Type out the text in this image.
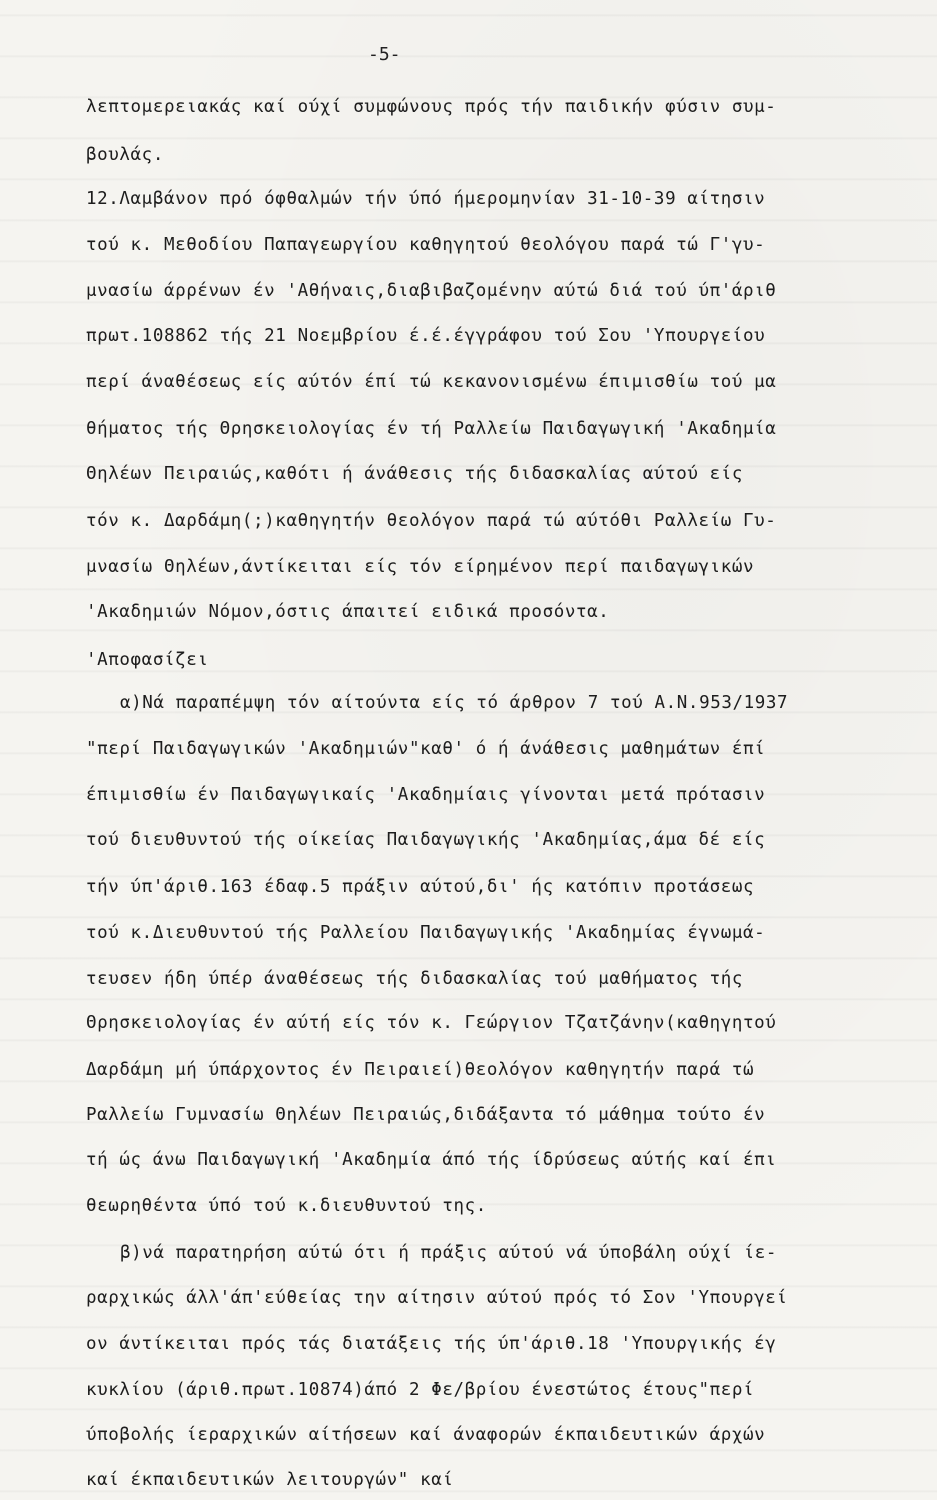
-5-
λεπτομερειακάς καί ούχί συμφώνους πρός τήν παιδικήν φύσιν συμ-
βουλάς.
12.Λαμβάνον πρό όφθαλμών τήν ύπό ήμερομηνίαν 31-10-39 αίτησιν
τού κ. Μεθοδίου Παπαγεωργίου καθηγητού θεολόγου παρά τώ Γ'γυ-
μνασίω άρρένων έν 'Αθήναις,διαβιβαζομένην αύτώ διά τού ύπ'άριθ
πρωτ.108862 τής 21 Νοεμβρίου έ.έ.έγγράφου τού Σου 'Υπουργείου
περί άναθέσεως είς αύτόν έπί τώ κεκανονισμένω έπιμισθίω τού μα
θήματος τής Θρησκειολογίας έν τή Ραλλείω Παιδαγωγική 'Ακαδημία
Θηλέων Πειραιώς,καθότι ή άνάθεσις τής διδασκαλίας αύτού είς
τόν κ. Δαρδάμη(;)καθηγητήν θεολόγον παρά τώ αύτόθι Ραλλείω Γυ-
μνασίω Θηλέων,άντίκειται είς τόν είρημένον περί παιδαγωγικών
'Ακαδημιών Νόμον,όστις άπαιτεί ειδικά προσόντα.
'Αποφασίζει
α)Νά παραπέμψη τόν αίτούντα είς τό άρθρον 7 τού Α.Ν.953/1937
"περί Παιδαγωγικών 'Ακαδημιών"καθ' ό ή άνάθεσις μαθημάτων έπί
έπιμισθίω έν Παιδαγωγικαίς 'Ακαδημίαις γίνονται μετά πρότασιν
τού διευθυντού τής οίκείας Παιδαγωγικής 'Ακαδημίας,άμα δέ είς
τήν ύπ'άριθ.163 έδαφ.5 πράξιν αύτού,δι' ής κατόπιν προτάσεως
τού κ.Διευθυντού τής Ραλλείου Παιδαγωγικής 'Ακαδημίας έγνωμά-
τευσεν ήδη ύπέρ άναθέσεως τής διδασκαλίας τού μαθήματος τής
Θρησκειολογίας έν αύτή είς τόν κ. Γεώργιον Τζατζάνην(καθηγητού
Δαρδάμη μή ύπάρχοντος έν Πειραιεί)θεολόγον καθηγητήν παρά τώ
Ραλλείω Γυμνασίω Θηλέων Πειραιώς,διδάξαντα τό μάθημα τούτο έν
τή ώς άνω Παιδαγωγική 'Ακαδημία άπό τής ίδρύσεως αύτής καί έπι
θεωρηθέντα ύπό τού κ.διευθυντού της.
β)νά παρατηρήση αύτώ ότι ή πράξις αύτού νά ύποβάλη ούχί ίε-
ραρχικώς άλλ'άπ'εύθείας την αίτησιν αύτού πρός τό Σον 'Υπουργεί
ον άντίκειται πρός τάς διατάξεις τής ύπ'άριθ.18 'Υπουργικής έγ
κυκλίου (άριθ.πρωτ.10874)άπό 2 Φε/βρίου ένεστώτος έτους"περί
ύποβολής ίεραρχικών αίτήσεων καί άναφορών έκπαιδευτικών άρχών
καί έκπαιδευτικών λειτουργών" καί
